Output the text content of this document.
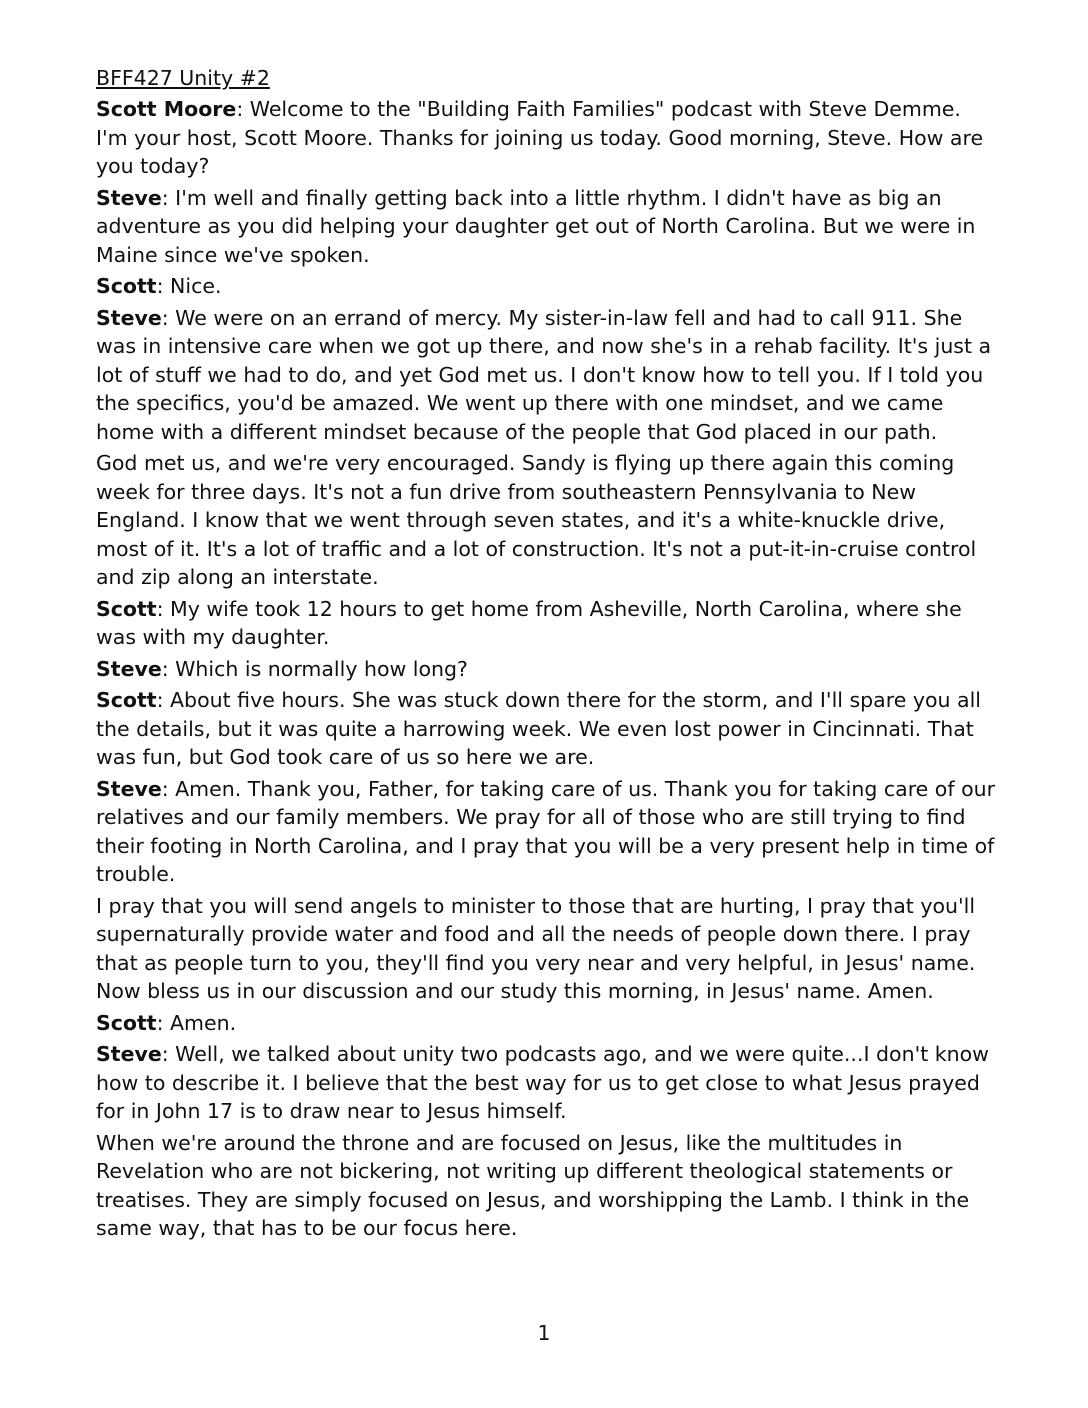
BFF427 Unity #2

Scott Moore: Welcome to the "Building Faith Families" podcast with Steve Demme. I'm your host, Scott Moore. Thanks for joining us today. Good morning, Steve. How are you today?

Steve: I'm well and finally getting back into a little rhythm. I didn't have as big an adventure as you did helping your daughter get out of North Carolina. But we were in Maine since we've spoken.

Scott: Nice.

Steve: We were on an errand of mercy. My sister-in-law fell and had to call 911. She was in intensive care when we got up there, and now she's in a rehab facility. It's just a lot of stuff we had to do, and yet God met us. I don't know how to tell you. If I told you the specifics, you'd be amazed. We went up there with one mindset, and we came home with a different mindset because of the people that God placed in our path.

God met us, and we're very encouraged. Sandy is flying up there again this coming week for three days. It's not a fun drive from southeastern Pennsylvania to New England. I know that we went through seven states, and it's a white-knuckle drive, most of it. It's a lot of traffic and a lot of construction. It's not a put-it-in-cruise control and zip along an interstate.

Scott: My wife took 12 hours to get home from Asheville, North Carolina, where she was with my daughter.

Steve: Which is normally how long?

Scott: About five hours. She was stuck down there for the storm, and I'll spare you all the details, but it was quite a harrowing week. We even lost power in Cincinnati. That was fun, but God took care of us so here we are.

Steve: Amen. Thank you, Father, for taking care of us. Thank you for taking care of our relatives and our family members. We pray for all of those who are still trying to find their footing in North Carolina, and I pray that you will be a very present help in time of trouble.

I pray that you will send angels to minister to those that are hurting, I pray that you'll supernaturally provide water and food and all the needs of people down there. I pray that as people turn to you, they'll find you very near and very helpful, in Jesus' name. Now bless us in our discussion and our study this morning, in Jesus' name. Amen.

Scott: Amen.

Steve: Well, we talked about unity two podcasts ago, and we were quite...I don't know how to describe it. I believe that the best way for us to get close to what Jesus prayed for in John 17 is to draw near to Jesus himself.

When we're around the throne and are focused on Jesus, like the multitudes in Revelation who are not bickering, not writing up different theological statements or treatises. They are simply focused on Jesus, and worshipping the Lamb. I think in the same way, that has to be our focus here.

1
